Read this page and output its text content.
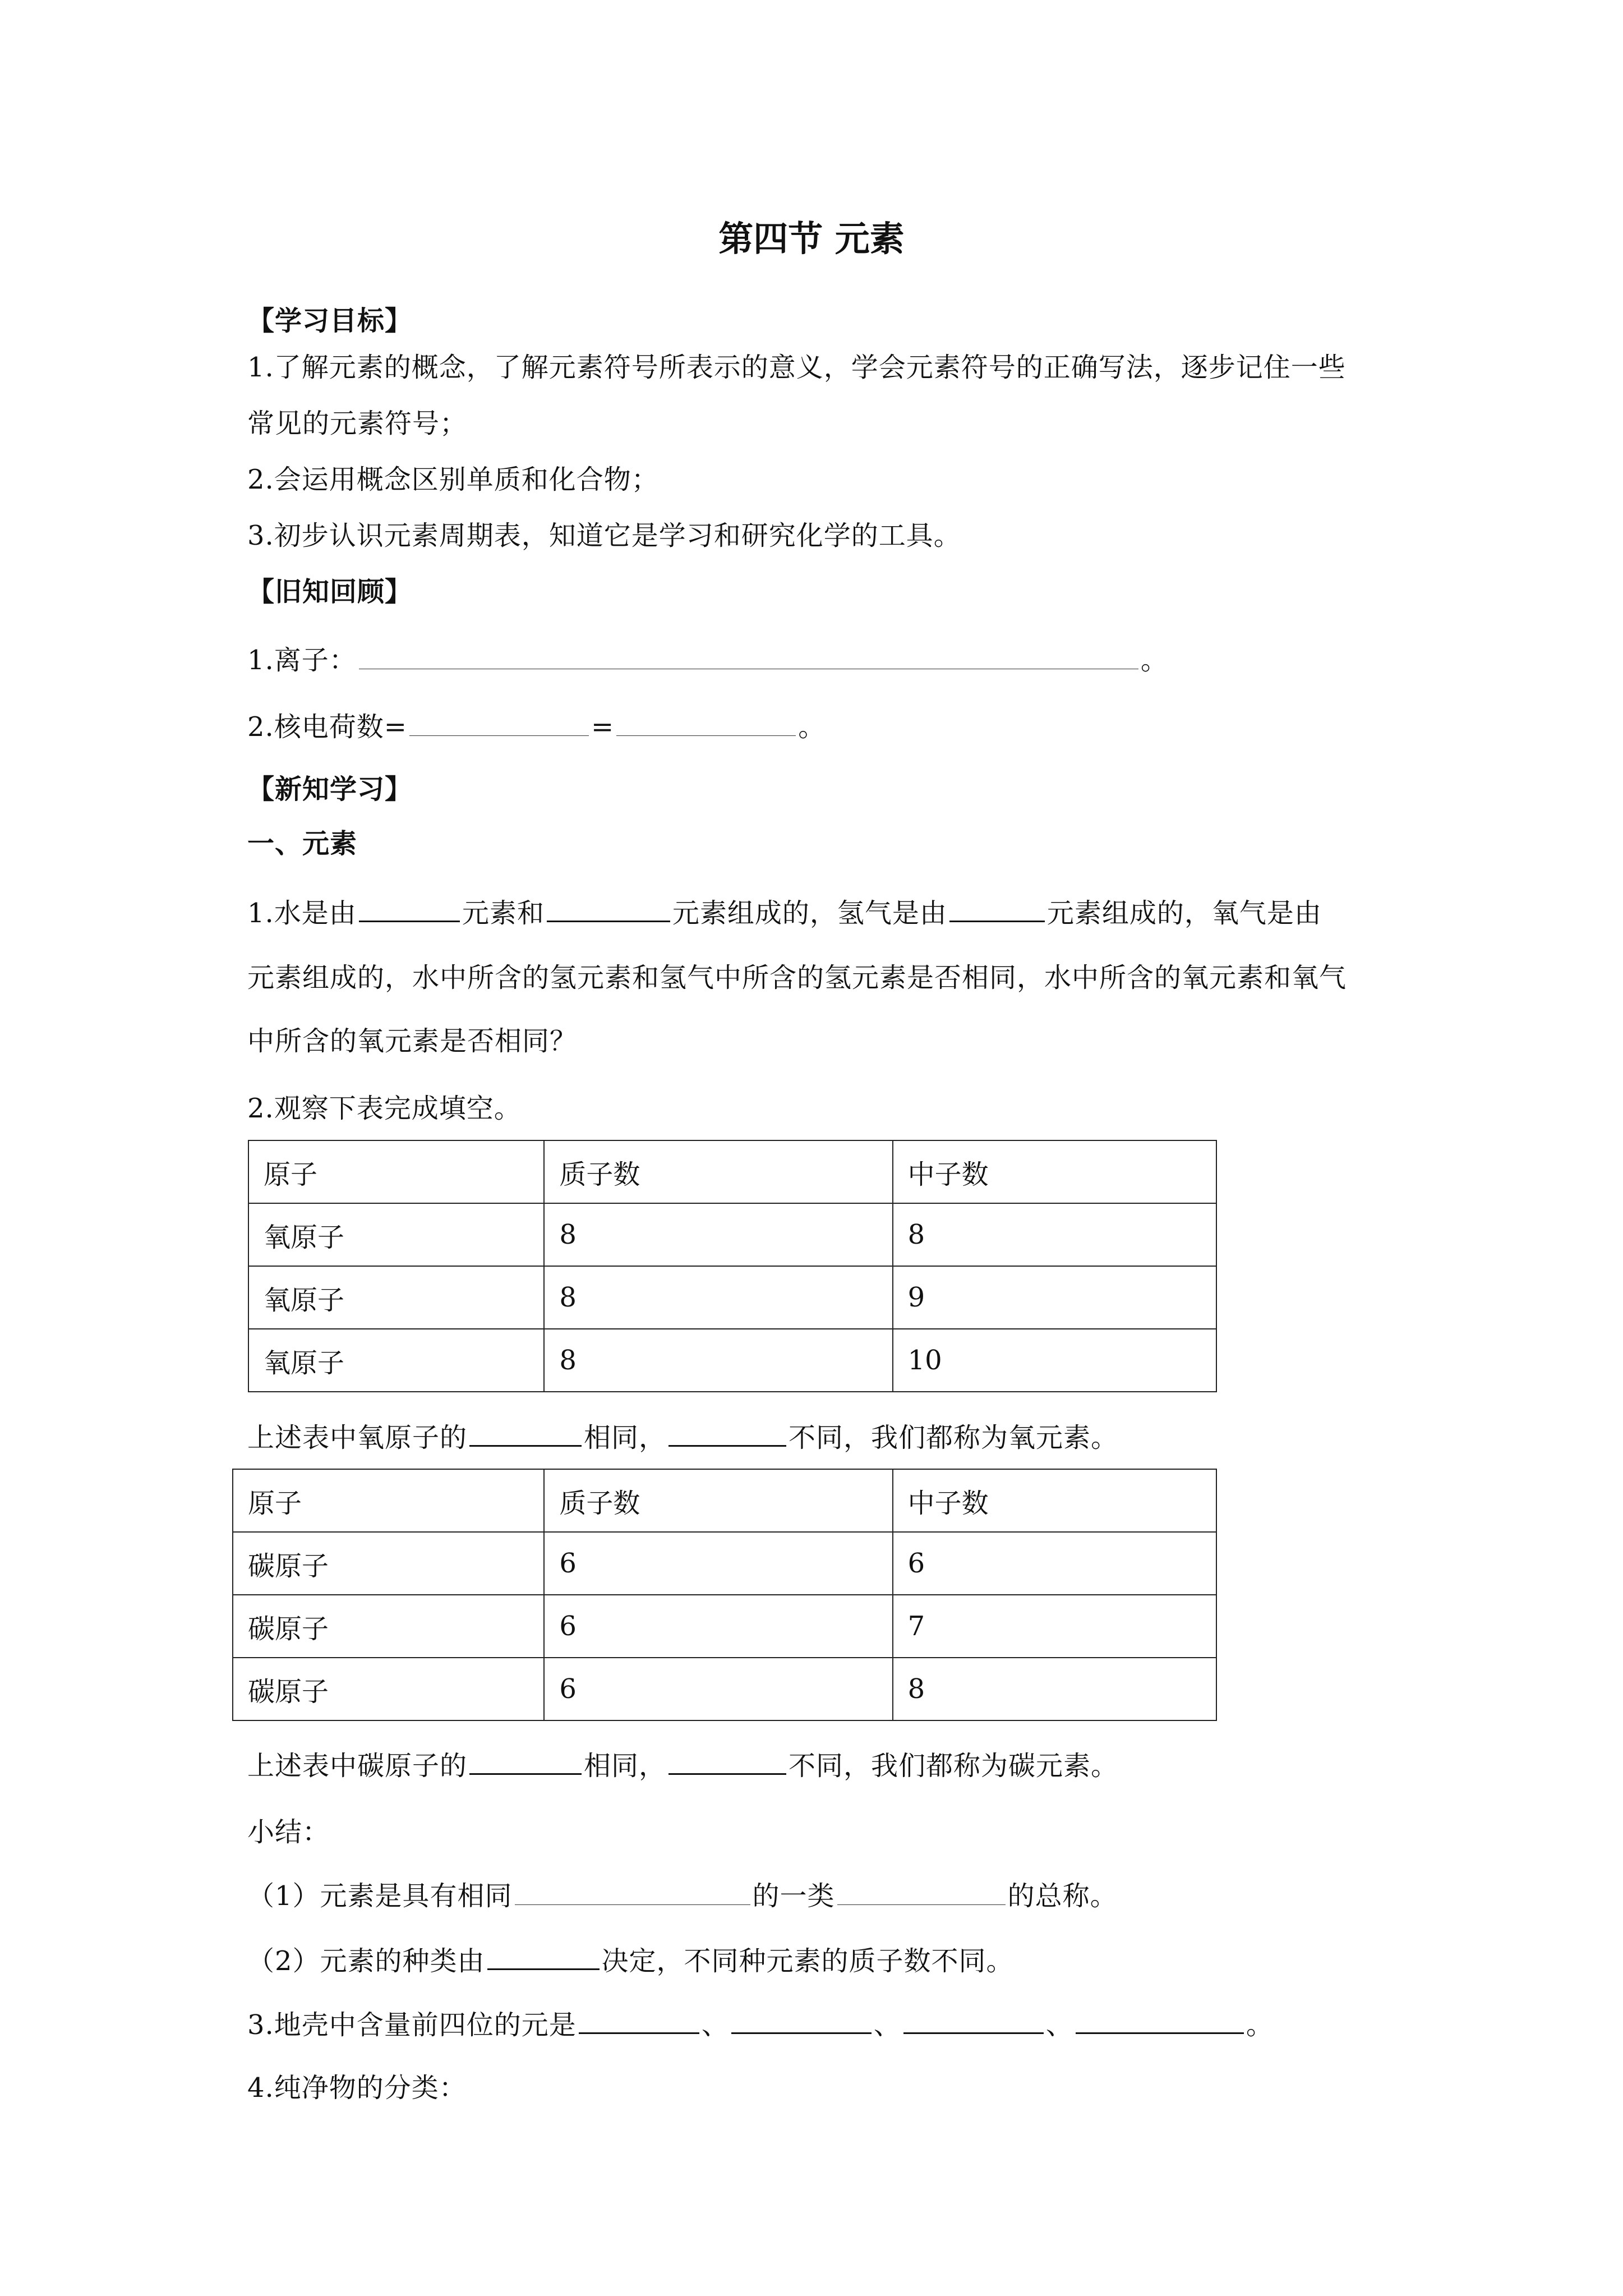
第四节 元素
【学习目标】
1.了解元素的概念，了解元素符号所表示的意义，学会元素符号的正确写法，逐步记住一些
常见的元素符号；
2.会运用概念区别单质和化合物；
3.初步认识元素周期表，知道它是学习和研究化学的工具。
【旧知回顾】
1.离子：	。
2.核电荷数=	=	。
【新知学习】
一、元素
1.水是由	元素和	元素组成的，氢气是由	元素组成的，氧气是由
元素组成的，水中所含的氢元素和氢气中所含的氢元素是否相同，水中所含的氧元素和氧气
中所含的氧元素是否相同？
2.观察下表完成填空。
原子	质子数	中子数
氧原子	8	8
氧原子	8	9
氧原子	8	10
上述表中氧原子的	相同，	不同，我们都称为氧元素。
原子	质子数	中子数
碳原子	6	6
碳原子	6	7
碳原子	6	8
上述表中碳原子的	相同，	不同，我们都称为碳元素。
小结：
（1）元素是具有相同	的一类	的总称。
（2）元素的种类由	决定，不同种元素的质子数不同。
3.地壳中含量前四位的元是	、	、	、	。
4.纯净物的分类：
